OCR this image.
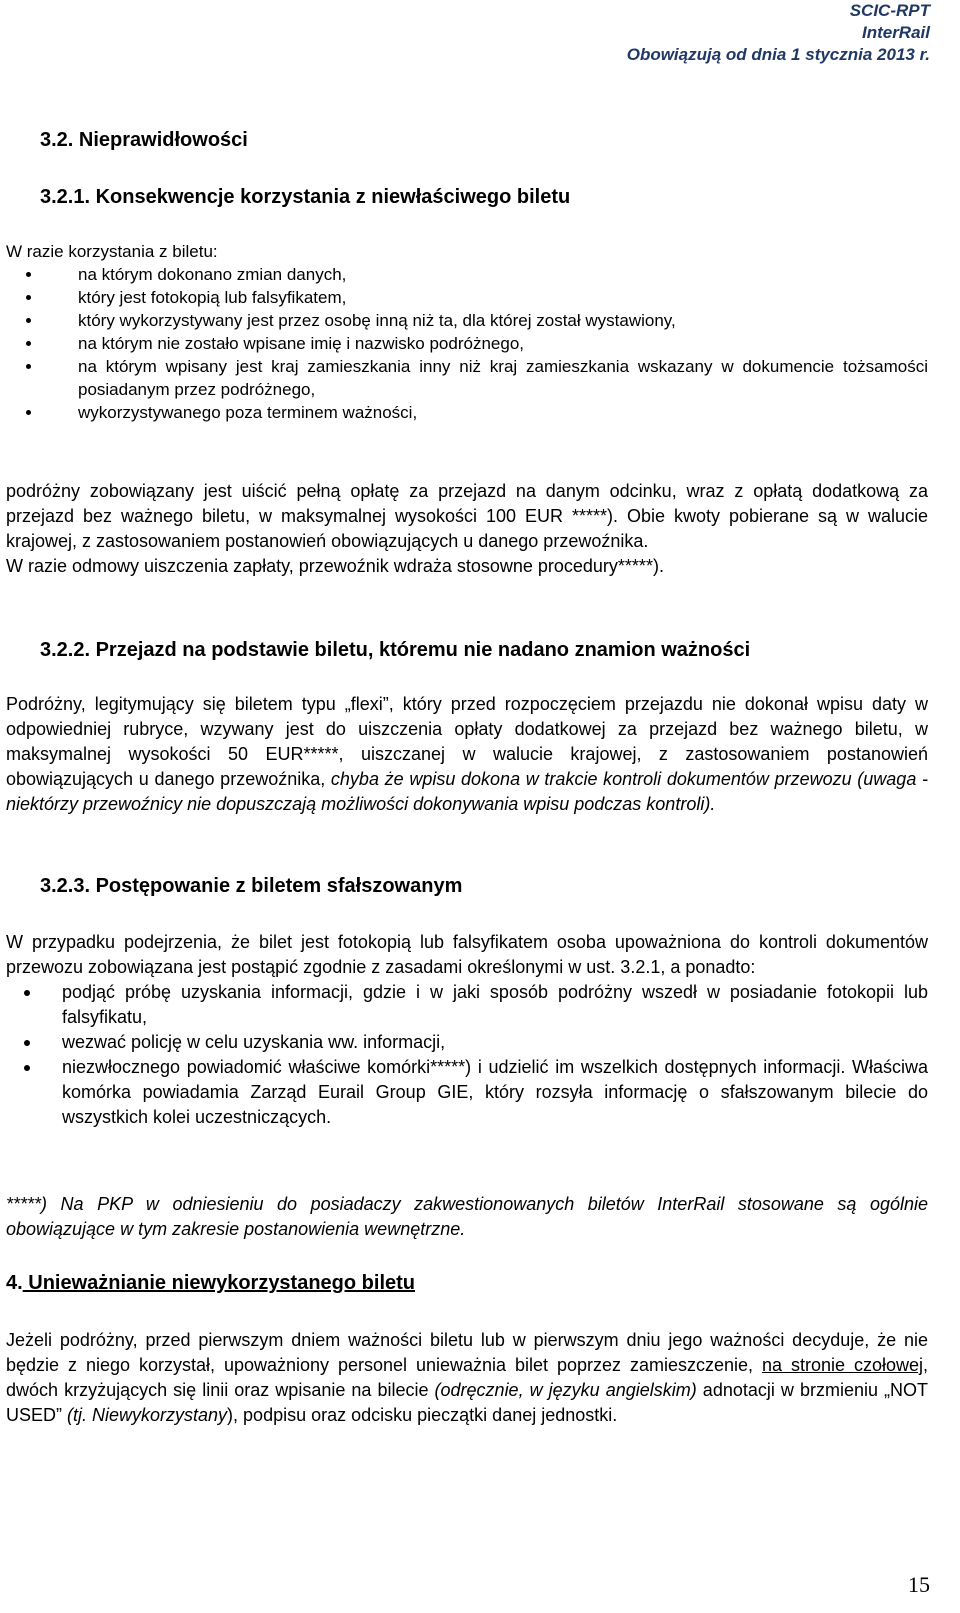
SCIC-RPT
InterRail
Obowiązują od dnia 1 stycznia 2013 r.
3.2. Nieprawidłowości
3.2.1. Konsekwencje korzystania z niewłaściwego biletu
W razie korzystania z biletu:
na którym dokonano zmian danych,
który jest fotokopią lub falsyfikatem,
który wykorzystywany jest przez osobę inną niż ta, dla której został wystawiony,
na którym nie zostało wpisane imię i nazwisko podróżnego,
na którym wpisany jest kraj zamieszkania inny niż kraj zamieszkania wskazany w dokumencie tożsamości posiadanym przez podróżnego,
wykorzystywanego poza terminem ważności,
podróżny zobowiązany jest uiścić pełną opłatę za przejazd na danym odcinku, wraz z opłatą dodatkową za przejazd bez ważnego biletu, w maksymalnej wysokości 100 EUR *****). Obie kwoty pobierane są w walucie krajowej, z zastosowaniem postanowień obowiązujących u danego przewoźnika.
W razie odmowy uiszczenia zapłaty, przewoźnik wdraża stosowne procedury*****).
3.2.2. Przejazd na podstawie biletu, któremu nie nadano znamion ważności
Podróżny, legitymujący się biletem typu „flexi”, który przed rozpoczęciem przejazdu nie dokonał wpisu daty w odpowiedniej rubryce, wzywany jest do uiszczenia opłaty dodatkowej za przejazd bez ważnego biletu, w maksymalnej wysokości 50 EUR*****, uiszczanej w walucie krajowej, z zastosowaniem postanowień obowiązujących u danego przewoźnika, chyba że wpisu dokona w trakcie kontroli dokumentów przewozu (uwaga - niektórzy przewoźnicy nie dopuszczają możliwości dokonywania wpisu podczas kontroli).
3.2.3. Postępowanie z biletem sfałszowanym
W przypadku podejrzenia, że bilet jest fotokopią lub falsyfikatem osoba upoważniona do kontroli dokumentów przewozu zobowiązana jest postąpić zgodnie z zasadami określonymi w ust. 3.2.1, a ponadto:
podjąć próbę uzyskania informacji, gdzie i w jaki sposób podróżny wszedł w posiadanie fotokopii lub falsyfikatu,
wezwać policję w celu uzyskania ww. informacji,
niezwłocznego powiadomić właściwe komórki*****) i udzielić im wszelkich dostępnych informacji. Właściwa komórka powiadamia Zarząd Eurail Group GIE, który rozsyła informację o sfałszowanym bilecie do wszystkich kolei uczestniczących.
*****) Na PKP w odniesieniu do posiadaczy zakwestionowanych biletów InterRail stosowane są ogólnie obowiązujące w tym zakresie postanowienia wewnętrzne.
4. Unieważnianie niewykorzystanego biletu
Jeżeli podróżny, przed pierwszym dniem ważności biletu lub w pierwszym dniu jego ważności decyduje, że nie będzie z niego korzystał, upoważniony personel unieważnia bilet poprzez zamieszczenie, na stronie czołowej, dwóch krzyżujących się linii oraz wpisanie na bilecie (odręcznie, w języku angielskim) adnotacji w brzmieniu „NOT USED” (tj. Niewykorzystany), podpisu oraz odcisku pieczątki danej jednostki.
15
